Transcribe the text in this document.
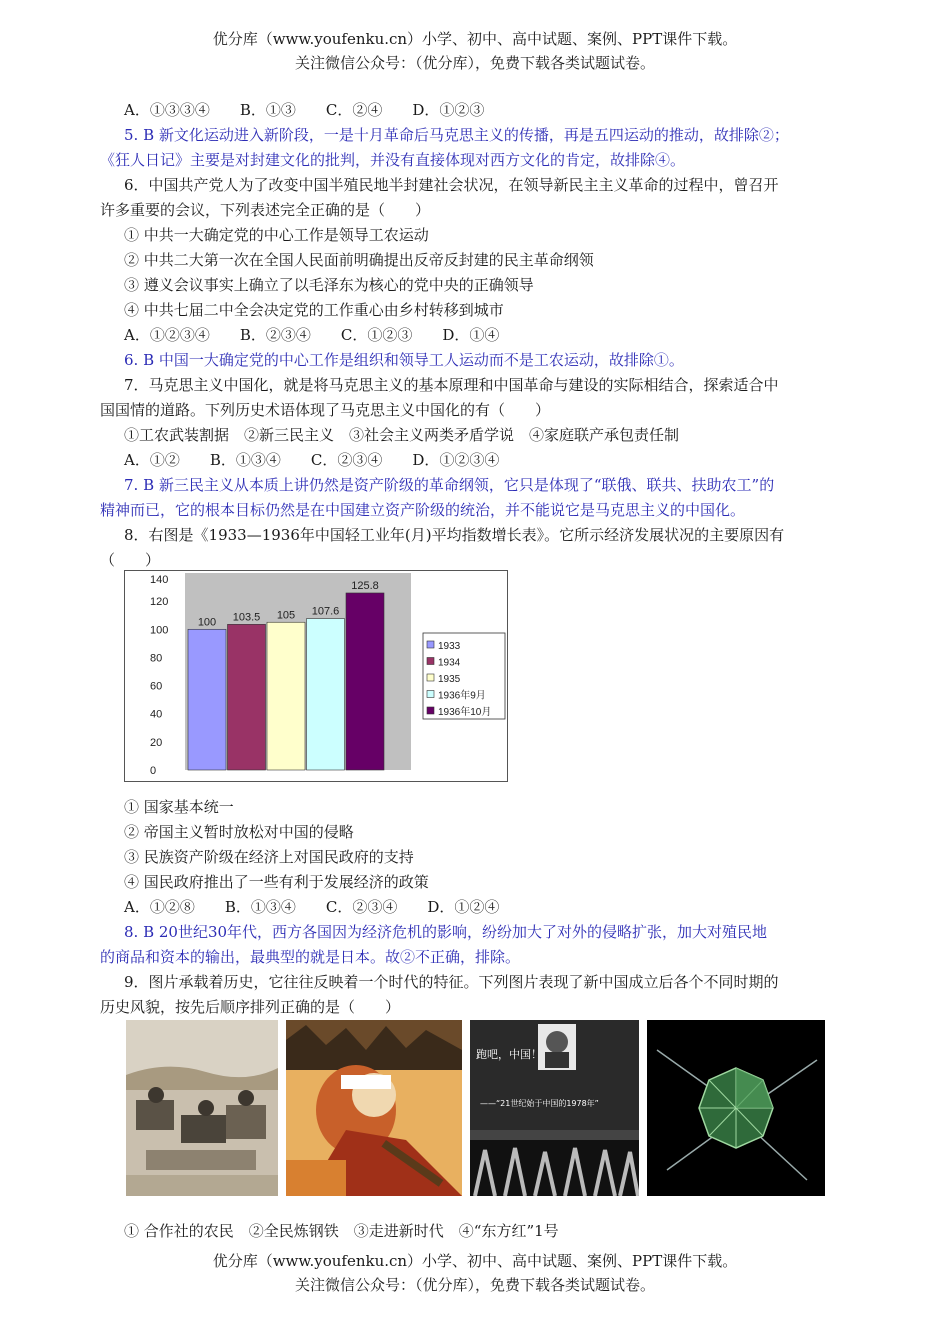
优分库（www.youfenku.cn）小学、初中、高中试题、案例、PPT课件下载。
关注微信公众号：（优分库），免费下载各类试题试卷。
A．①③③④　　B．①③　　C．②④　　D．①②③
5. B 新文化运动进入新阶段，一是十月革命后马克思主义的传播，再是五四运动的推动，故排除②；
《狂人日记》主要是对封建文化的批判，并没有直接体现对西方文化的肯定，故排除④。
6．中国共产党人为了改变中国半殖民地半封建社会状况，在领导新民主主义革命的过程中，曾召开
许多重要的会议，下列表述完全正确的是（　　）
① 中共一大确定党的中心工作是领导工农运动
② 中共二大第一次在全国人民面前明确提出反帝反封建的民主革命纲领
③ 遵义会议事实上确立了以毛泽东为核心的党中央的正确领导
④ 中共七届二中全会决定党的工作重心由乡村转移到城市
A．①②③④　　B．②③④　　C．①②③　　D．①④
6. B 中国一大确定党的中心工作是组织和领导工人运动而不是工农运动，故排除①。
7．马克思主义中国化，就是将马克思主义的基本原理和中国革命与建设的实际相结合，探索适合中
国国情的道路。下列历史术语体现了马克思主义中国化的有（　　）
①工农武装割据　②新三民主义　③社会主义两类矛盾学说　④家庭联产承包责任制
A．①②　　B．①③④　　C．②③④　　D．①②③④
7. B 新三民主义从本质上讲仍然是资产阶级的革命纲领，它只是体现了“联俄、联共、扶助农工”的
精神而已，它的根本目标仍然是在中国建立资产阶级的统治，并不能说它是马克思主义的中国化。
8．右图是《1933—1936年中国轻工业年(月)平均指数增长表》。它所示经济发展状况的主要原因有
（　　）
0
20
40
60
80
100
120
140
100 103.5 105 107.6
125.8
1933
1934
1935
1936年9月
1936年10月
① 国家基本统一
② 帝国主义暂时放松对中国的侵略
③ 民族资产阶级在经济上对国民政府的支持
④ 国民政府推出了一些有利于发展经济的政策
A．①②⑧　　B．①③④　　C．②③④　　D．①②④
8. B 20世纪30年代，西方各国因为经济危机的影响，纷纷加大了对外的侵略扩张，加大对殖民地
的商品和资本的输出，最典型的就是日本。故②不正确，排除。
9．图片承载着历史，它往往反映着一个时代的特征。下列图片表现了新中国成立后各个不同时期的
历史风貌，按先后顺序排列正确的是（　　）
跑吧，中国！
——“21世纪始于中国的1978年”
① 合作社的农民　②全民炼钢铁　③走进新时代　④“东方红”1号
优分库（www.youfenku.cn）小学、初中、高中试题、案例、PPT课件下载。
关注微信公众号：（优分库），免费下载各类试题试卷。
